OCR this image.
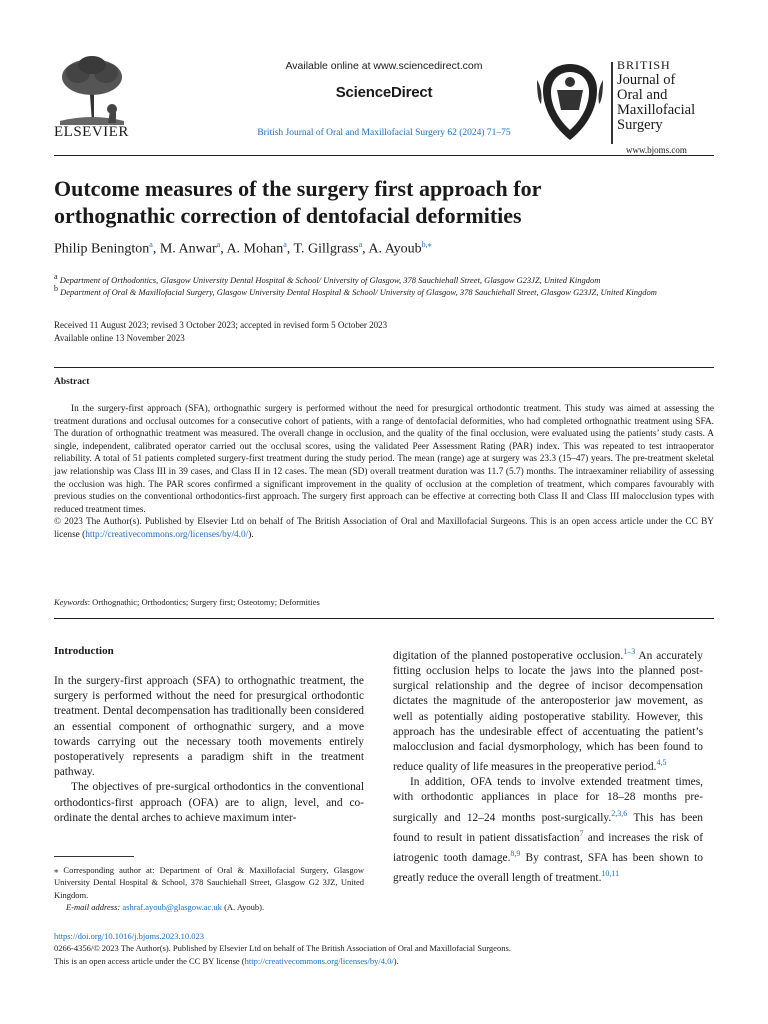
ELSEVIER
Available online at www.sciencedirect.com
ScienceDirect
British Journal of Oral and Maxillofacial Surgery 62 (2024) 71–75
BRITISH
Journal of
Oral and
Maxillofacial
Surgery
www.bjoms.com
Outcome measures of the surgery first approach for
orthognathic correction of dentofacial deformities
Philip Benington$^a$, M. Anwar$^a$, A. Mohan$^a$, T. Gillgrass$^a$, A. Ayoub$^{b,⁎}$
$^a$ Department of Orthodontics, Glasgow University Dental Hospital & School/ University of Glasgow, 378 Sauchiehall Street, Glasgow G23JZ, United Kingdom
$^b$ Department of Oral & Maxillofacial Surgery, Glasgow University Dental Hospital & School/ University of Glasgow, 378 Sauchiehall Street, Glasgow G23JZ, United Kingdom
Received 11 August 2023; revised 3 October 2023; accepted in revised form 5 October 2023
Available online 13 November 2023
Abstract

In the surgery-first approach (SFA), orthognathic surgery is performed without the need for presurgical orthodontic treatment. This study was aimed at assessing the treatment durations and occlusal outcomes for a consecutive cohort of patients, with a range of dentofacial deformities, who had completed orthognathic treatment using SFA. The duration of orthognathic treatment was measured. The overall change in occlusion, and the quality of the final occlusion, were evaluated using the patients’ study casts. A single, independent, calibrated operator carried out the occlusal scores, using the validated Peer Assessment Rating (PAR) index. This was repeated to test intraoperator reliability. A total of 51 patients completed surgery-first treatment during the study period. The mean (range) age at surgery was 23.3 (15–47) years. The pre-treatment skeletal jaw relationship was Class III in 39 cases, and Class II in 12 cases. The mean (SD) overall treatment duration was 11.7 (5.7) months. The intraexaminer reliability of assessing the occlusion was high. The PAR scores confirmed a significant improvement in the quality of occlusion at the completion of treatment, which compares favourably with previous studies on the conventional orthodontics-first approach. The surgery first approach can be effective at correcting both Class II and Class III malocclusion types with reduced treatment times.

© 2023 The Author(s). Published by Elsevier Ltd on behalf of The British Association of Oral and Maxillofacial Surgeons. This is an open access article under the CC BY license (http://creativecommons.org/licenses/by/4.0/).
Keywords: Orthognathic; Orthodontics; Surgery first; Osteotomy; Deformities
Introduction

In the surgery-first approach (SFA) to orthognathic treatment, the surgery is performed without the need for presurgical orthodontic treatment. Dental decompensation has traditionally been considered an essential component of orthognathic surgery, and a move towards carrying out the necessary tooth movements entirely postoperatively represents a paradigm shift in the treatment pathway.

The objectives of pre-surgical orthodontics in the conventional orthodontics-first approach (OFA) are to align, level, and co-ordinate the dental arches to achieve maximum inter-

digitation of the planned postoperative occlusion.$^{1-3}$ An accurately fitting occlusion helps to locate the jaws into the planned post-surgical relationship and the degree of incisor decompensation dictates the magnitude of the anteroposterior jaw movement, as well as potentially aiding postoperative stability. However, this approach has the undesirable effect of accentuating the patient’s malocclusion and facial dysmorphology, which has been found to reduce quality of life measures in the preoperative period.$^{4,5}$

In addition, OFA tends to involve extended treatment times, with orthodontic appliances in place for 18–28 months pre-surgically and 12–24 months post-surgically.$^{2,3,6}$ This has been found to result in patient dissatisfaction$^7$ and increases the risk of iatrogenic tooth damage.$^{8,9}$ By contrast, SFA has been shown to greatly reduce the overall length of treatment.$^{10,11}$

⁎ Corresponding author at: Department of Oral & Maxillofacial Surgery, Glasgow University Dental Hospital & School, 378 Sauchiehall Street, Glasgow G2 3JZ, United Kingdom.
E-mail address: ashraf.ayoub@glasgow.ac.uk (A. Ayoub).
https://doi.org/10.1016/j.bjoms.2023.10.023
0266-4356/© 2023 The Author(s). Published by Elsevier Ltd on behalf of The British Association of Oral and Maxillofacial Surgeons.
This is an open access article under the CC BY license (http://creativecommons.org/licenses/by/4.0/).
